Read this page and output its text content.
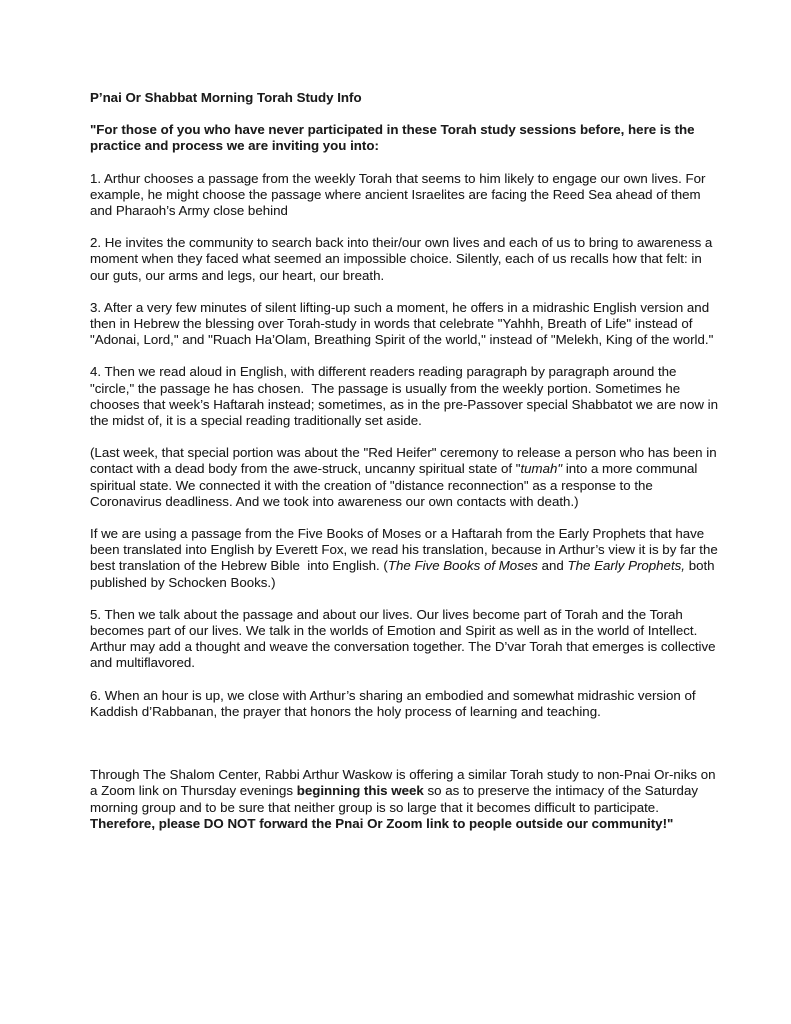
P’nai Or Shabbat Morning Torah Study Info

"For those of you who have never participated in these Torah study sessions before, here is the practice and process we are inviting you into:

1. Arthur chooses a passage from the weekly Torah that seems to him likely to engage our own lives. For example, he might choose the passage where ancient Israelites are facing the Reed Sea ahead of them and Pharaoh’s Army close behind

2. He invites the community to search back into their/our own lives and each of us to bring to awareness a moment when they faced what seemed an impossible choice. Silently, each of us recalls how that felt: in our guts, our arms and legs, our heart, our breath.

3. After a very few minutes of silent lifting-up such a moment, he offers in a midrashic English version and then in Hebrew the blessing over Torah-study in words that celebrate "Yahhh, Breath of Life" instead of "Adonai, Lord," and "Ruach Ha’Olam, Breathing Spirit of the world," instead of "Melekh, King of the world."

4. Then we read aloud in English, with different readers reading paragraph by paragraph around the "circle," the passage he has chosen.  The passage is usually from the weekly portion. Sometimes he chooses that week’s Haftarah instead; sometimes, as in the pre-Passover special Shabbatot we are now in the midst of, it is a special reading traditionally set aside.

(Last week, that special portion was about the "Red Heifer" ceremony to release a person who has been in contact with a dead body from the awe-struck, uncanny spiritual state of "tumah" into a more communal spiritual state. We connected it with the creation of "distance reconnection" as a response to the Coronavirus deadliness. And we took into awareness our own contacts with death.)

If we are using a passage from the Five Books of Moses or a Haftarah from the Early Prophets that have been translated into English by Everett Fox, we read his translation, because in Arthur’s view it is by far the best translation of the Hebrew Bible  into English. (The Five Books of Moses and The Early Prophets, both published by Schocken Books.)

5. Then we talk about the passage and about our lives. Our lives become part of Torah and the Torah becomes part of our lives. We talk in the worlds of Emotion and Spirit as well as in the world of Intellect. Arthur may add a thought and weave the conversation together. The D’var Torah that emerges is collective and multiflavored.

6. When an hour is up, we close with Arthur’s sharing an embodied and somewhat midrashic version of Kaddish d’Rabbanan, the prayer that honors the holy process of learning and teaching.

Through The Shalom Center, Rabbi Arthur Waskow is offering a similar Torah study to non-Pnai Or-niks on a Zoom link on Thursday evenings beginning this week so as to preserve the intimacy of the Saturday morning group and to be sure that neither group is so large that it becomes difficult to participate. Therefore, please DO NOT forward the Pnai Or Zoom link to people outside our community!"
